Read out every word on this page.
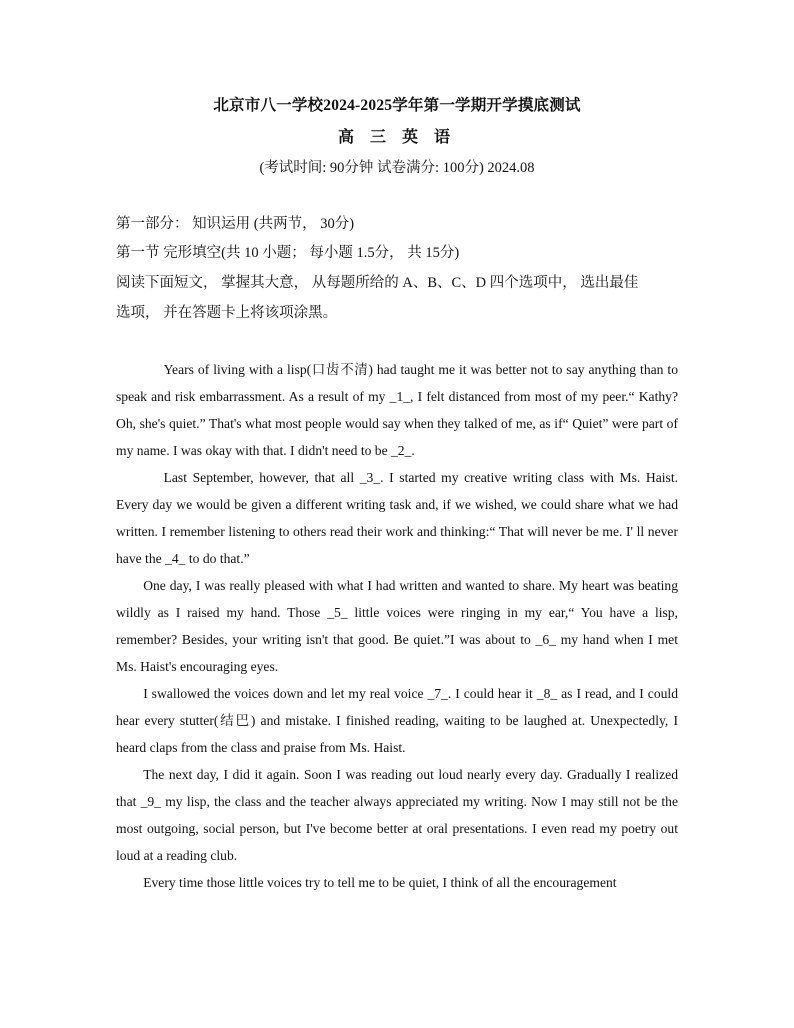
北京市八一学校2024-2025学年第一学期开学摸底测试
高 三 英 语
(考试时间: 90分钟 试卷满分: 100分) 2024.08
第一部分： 知识运用 (共两节， 30分)
第一节 完形填空(共 10 小题； 每小题 1.5分， 共 15分)
阅读下面短文， 掌握其大意， 从每题所给的 A、B、C、D 四个选项中， 选出最佳
选项， 并在答题卡上将该项涂黑。

Years of living with a lisp(口齿不清) had taught me it was better not to say anything than to speak and risk embarrassment. As a result of my _1_, I felt distanced from most of my peer.“ Kathy? Oh, she's quiet.” That's what most people would say when they talked of me, as if“ Quiet” were part of my name. I was okay with that. I didn't need to be _2_.

Last September, however, that all _3_. I started my creative writing class with Ms. Haist. Every day we would be given a different writing task and, if we wished, we could share what we had written. I remember listening to others read their work and thinking:“ That will never be me. I' ll never have the _4_ to do that.”

One day, I was really pleased with what I had written and wanted to share. My heart was beating wildly as I raised my hand. Those _5_ little voices were ringing in my ear,“ You have a lisp, remember? Besides, your writing isn't that good. Be quiet.”I was about to _6_ my hand when I met Ms. Haist's encouraging eyes.

I swallowed the voices down and let my real voice _7_. I could hear it _8_ as I read, and I could hear every stutter(结巴) and mistake. I finished reading, waiting to be laughed at. Unexpectedly, I heard claps from the class and praise from Ms. Haist.

The next day, I did it again. Soon I was reading out loud nearly every day. Gradually I realized that _9_ my lisp, the class and the teacher always appreciated my writing. Now I may still not be the most outgoing, social person, but I've become better at oral presentations. I even read my poetry out loud at a reading club.

Every time those little voices try to tell me to be quiet, I think of all the encouragement
